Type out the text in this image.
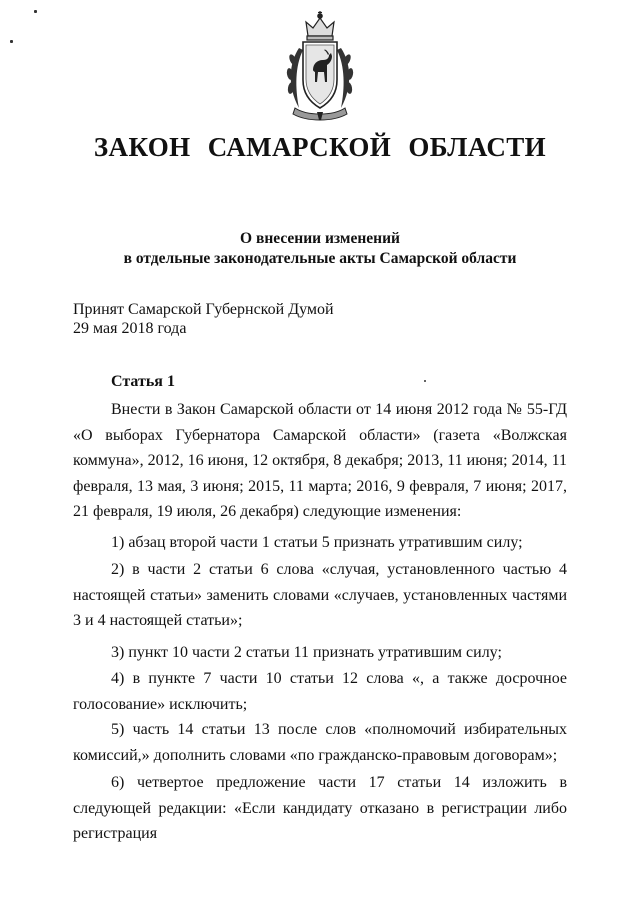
ЗАКОН САМАРСКОЙ ОБЛАСТИ
О внесении изменений
в отдельные законодательные акты Самарской области
Принят Самарской Губернской Думой
29 мая 2018 года
Статья 1

Внести в Закон Самарской области от 14 июня 2012 года № 55-ГД «О выборах Губернатора Самарской области» (газета «Волжская коммуна», 2012, 16 июня, 12 октября, 8 декабря; 2013, 11 июня; 2014, 11 февраля, 13 мая, 3 июня; 2015, 11 марта; 2016, 9 февраля, 7 июня; 2017, 21 февраля, 19 июля, 26 декабря) следующие изменения:

1) абзац второй части 1 статьи 5 признать утратившим силу;

2) в части 2 статьи 6 слова «случая, установленного частью 4 настоящей статьи» заменить словами «случаев, установленных частями 3 и 4 настоящей статьи»;

3) пункт 10 части 2 статьи 11 признать утратившим силу;

4) в пункте 7 части 10 статьи 12 слова «, а также досрочное голосование» исключить;

5) часть 14 статьи 13 после слов «полномочий избирательных комиссий,» дополнить словами «по гражданско-правовым договорам»;

6) четвертое предложение части 17 статьи 14 изложить в следующей редакции: «Если кандидату отказано в регистрации либо регистрация
